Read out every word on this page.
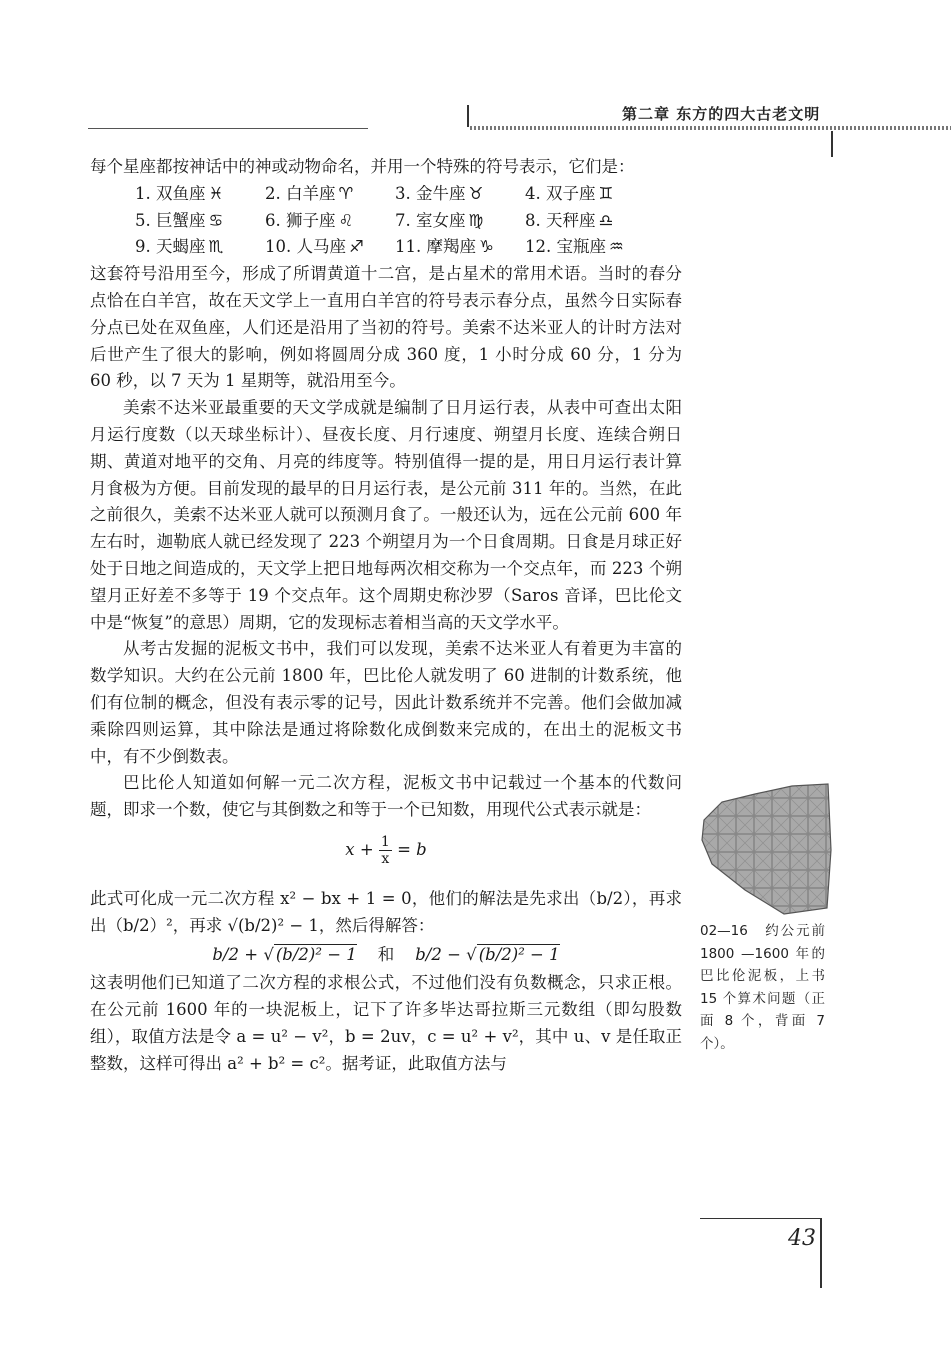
第二章 东方的四大古老文明

每个星座都按神话中的神或动物命名，并用一个特殊的符号表示，它们是：

1. 双鱼座 ♓	2. 白羊座 ♈	3. 金牛座 ♉	4. 双子座 ♊
5. 巨蟹座 ♋	6. 狮子座 ♌	7. 室女座 ♍	8. 天秤座 ♎
9. 天蝎座 ♏	10. 人马座 ♐	11. 摩羯座 ♑	12. 宝瓶座 ♒

这套符号沿用至今，形成了所谓黄道十二宫，是占星术的常用术语。当时的春分点恰在白羊宫，故在天文学上一直用白羊宫的符号表示春分点，虽然今日实际春分点已处在双鱼座，人们还是沿用了当初的符号。美索不达米亚人的计时方法对后世产生了很大的影响，例如将圆周分成 360 度，1 小时分成 60 分，1 分为 60 秒，以 7 天为 1 星期等，就沿用至今。

美索不达米亚最重要的天文学成就是编制了日月运行表，从表中可查出太阳月运行度数（以天球坐标计）、昼夜长度、月行速度、朔望月长度、连续合朔日期、黄道对地平的交角、月亮的纬度等。特别值得一提的是，用日月运行表计算月食极为方便。目前发现的最早的日月运行表，是公元前 311 年的。当然，在此之前很久，美索不达米亚人就可以预测月食了。一般还认为，远在公元前 600 年左右时，迦勒底人就已经发现了 223 个朔望月为一个日食周期。日食是月球正好处于日地之间造成的，天文学上把日地每两次相交称为一个交点年，而 223 个朔望月正好差不多等于 19 个交点年。这个周期史称沙罗（Saros 音译，巴比伦文中是“恢复”的意思）周期，它的发现标志着相当高的天文学水平。

从考古发掘的泥板文书中，我们可以发现，美索不达米亚人有着更为丰富的数学知识。大约在公元前 1800 年，巴比伦人就发明了 60 进制的计数系统，他们有位制的概念，但没有表示零的记号，因此计数系统并不完善。他们会做加减乘除四则运算，其中除法是通过将除数化成倒数来完成的，在出土的泥板文书中，有不少倒数表。

巴比伦人知道如何解一元二次方程，泥板文书中记载过一个基本的代数问题，即求一个数，使它与其倒数之和等于一个已知数，用现代公式表示就是：

$x + \frac{1}{x} = b$

此式可化成一元二次方程 x² − bx + 1 = 0，他们的解法是先求出（b/2），再求出（b/2）²，再求 √(b/2)² − 1，然后得解答：

b/2 + √ (b/2)² − 1 和 b/2 − √ (b/2)² − 1

这表明他们已知道了二次方程的求根公式，不过他们没有负数概念，只求正根。在公元前 1600 年的一块泥板上，记下了许多毕达哥拉斯三元数组（即勾股数组），取值方法是令 a = u² − v²，b = 2uv，c = u² + v²，其中 u、v 是任取正整数，这样可得出 a² + b² = c²。据考证，此取值方法与

02—16　约公元前 1800 —1600 年的巴比伦泥板，上书 15 个算术问题（正面 8 个，背面 7 个）。
43
